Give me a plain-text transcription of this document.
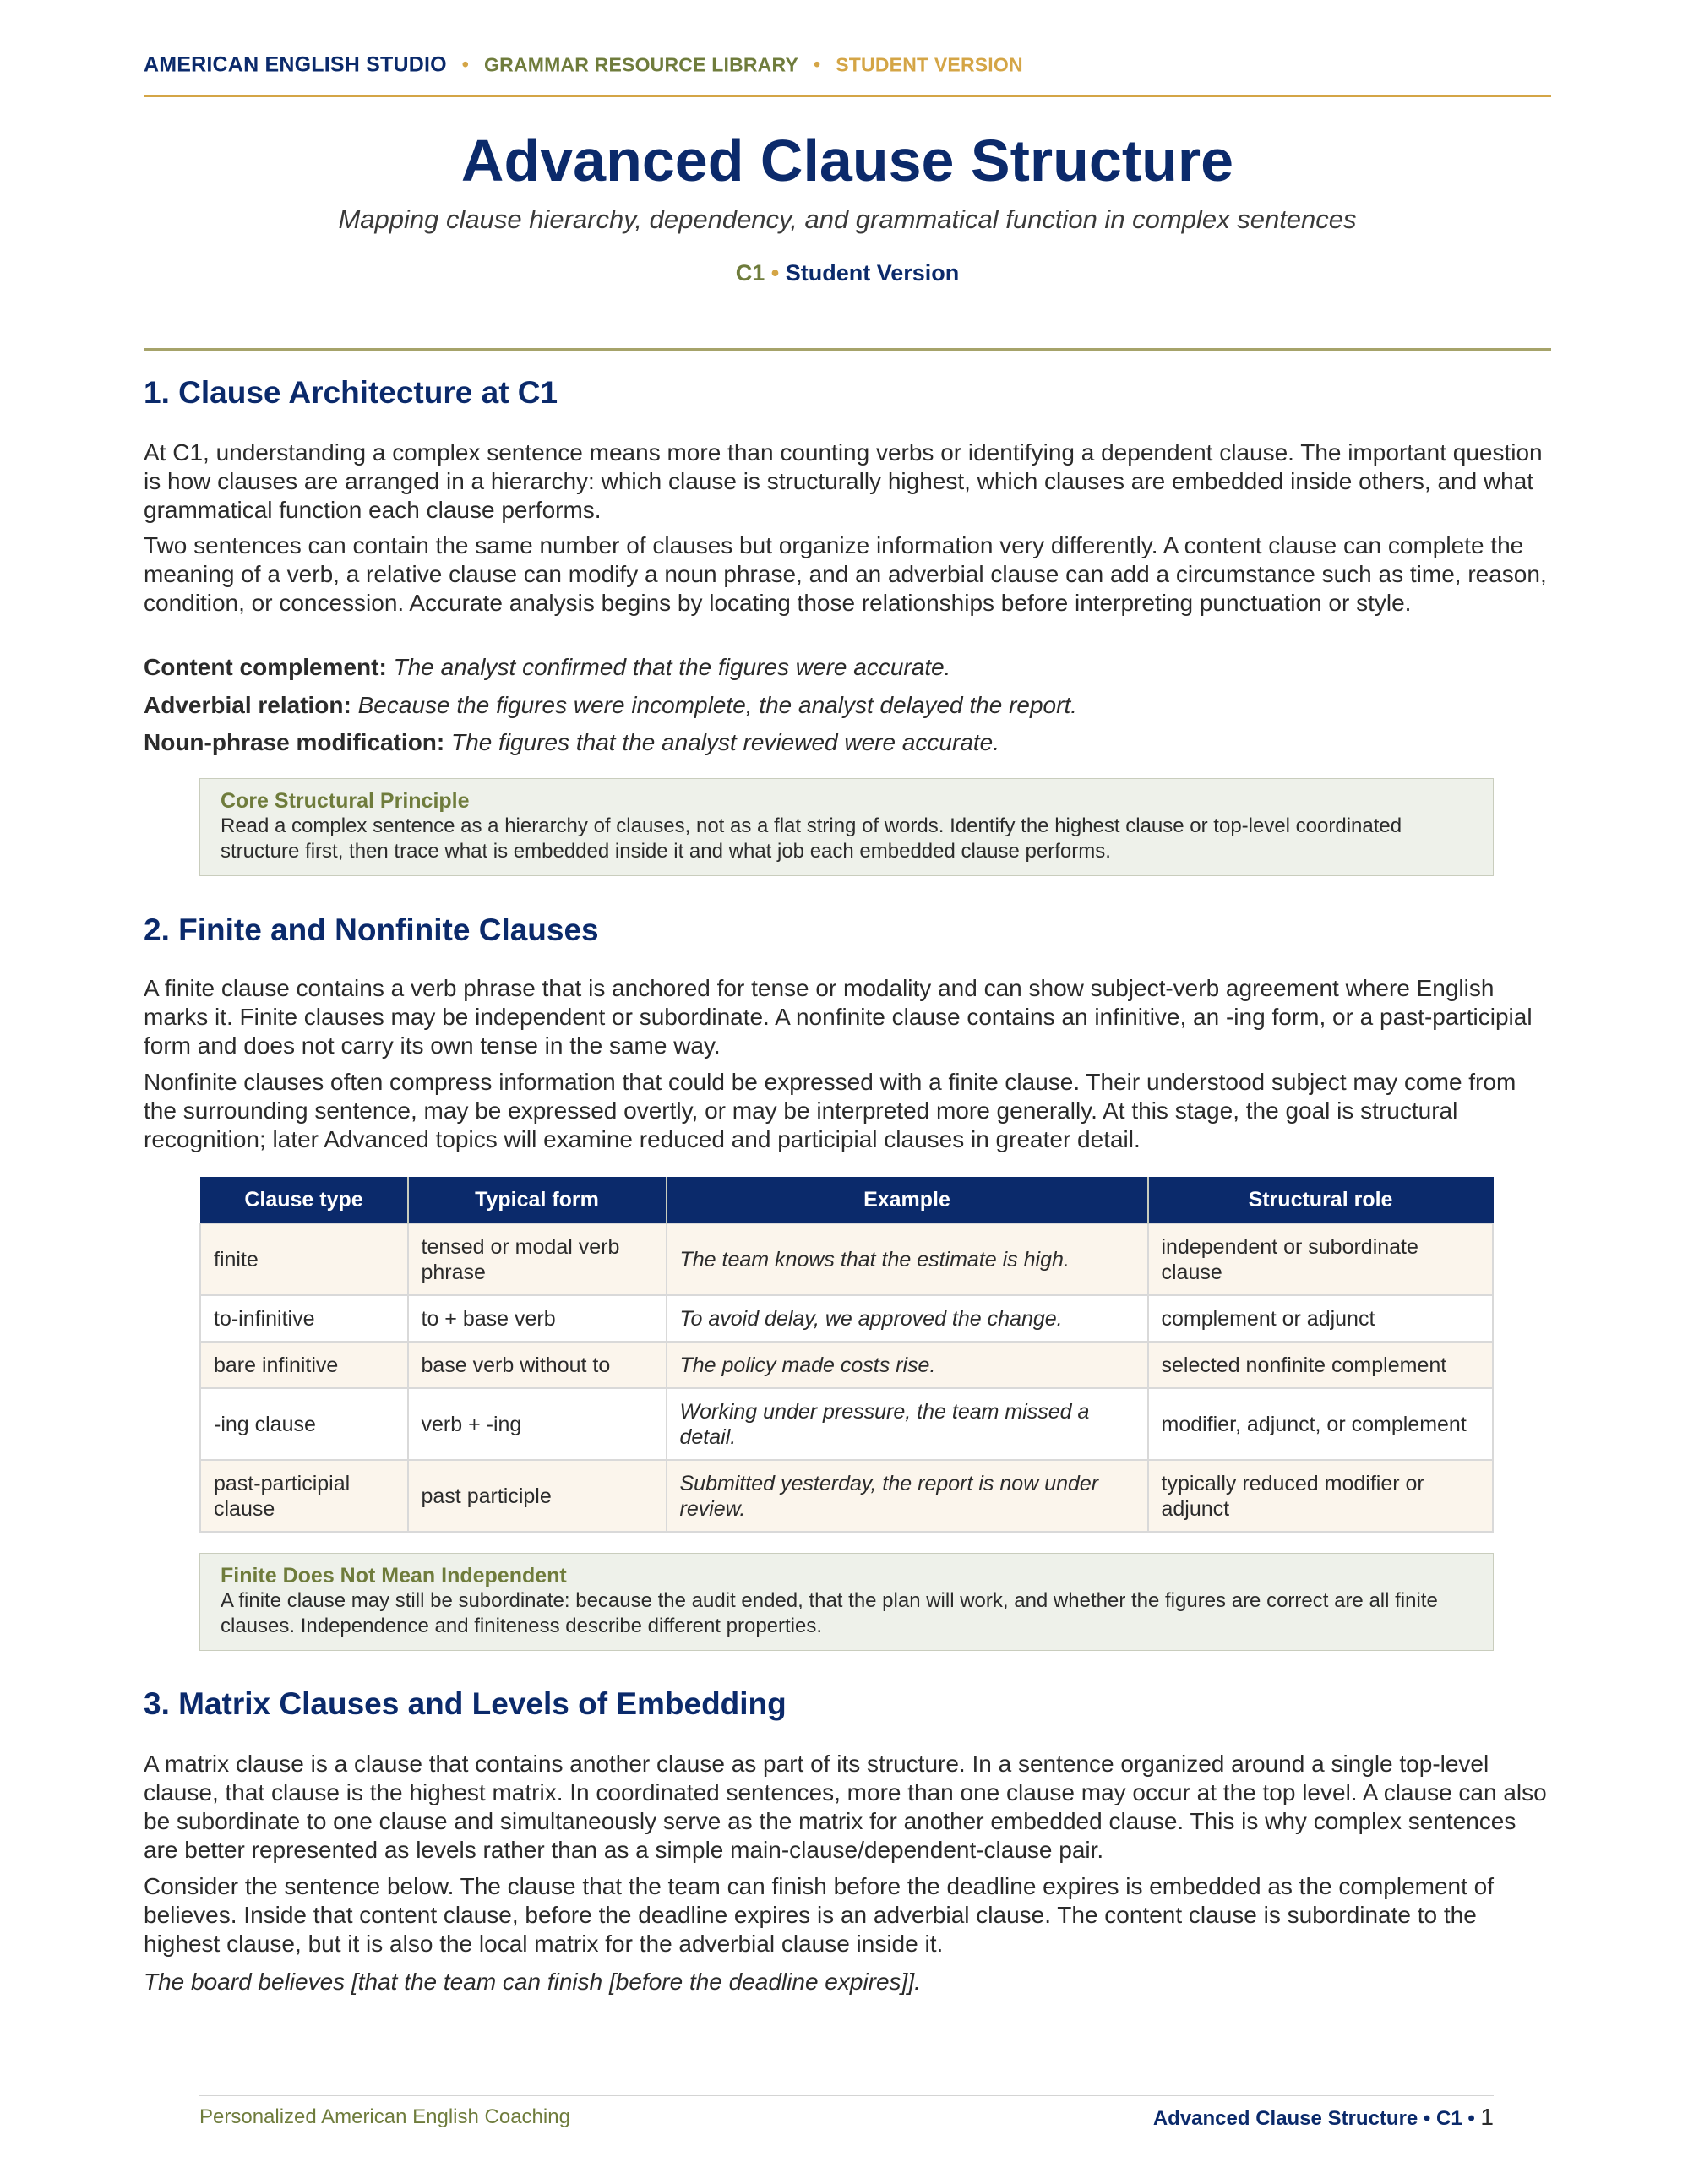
AMERICAN ENGLISH STUDIO • GRAMMAR RESOURCE LIBRARY • STUDENT VERSION
Advanced Clause Structure
Mapping clause hierarchy, dependency, and grammatical function in complex sentences
C1 • Student Version
1. Clause Architecture at C1

At C1, understanding a complex sentence means more than counting verbs or identifying a dependent clause. The important question is how clauses are arranged in a hierarchy: which clause is structurally highest, which clauses are embedded inside others, and what grammatical function each clause performs.

Two sentences can contain the same number of clauses but organize information very differently. A content clause can complete the meaning of a verb, a relative clause can modify a noun phrase, and an adverbial clause can add a circumstance such as time, reason, condition, or concession. Accurate analysis begins by locating those relationships before interpreting punctuation or style.

Content complement: The analyst confirmed that the figures were accurate.
Adverbial relation: Because the figures were incomplete, the analyst delayed the report.
Noun-phrase modification: The figures that the analyst reviewed were accurate.
Core Structural Principle
Read a complex sentence as a hierarchy of clauses, not as a flat string of words. Identify the highest clause or top-level coordinated structure first, then trace what is embedded inside it and what job each embedded clause performs.
2. Finite and Nonfinite Clauses

A finite clause contains a verb phrase that is anchored for tense or modality and can show subject-verb agreement where English marks it. Finite clauses may be independent or subordinate. A nonfinite clause contains an infinitive, an -ing form, or a past-participial form and does not carry its own tense in the same way.

Nonfinite clauses often compress information that could be expressed with a finite clause. Their understood subject may come from the surrounding sentence, may be expressed overtly, or may be interpreted more generally. At this stage, the goal is structural recognition; later Advanced topics will examine reduced and participial clauses in greater detail.

Clause type	Typical form	Example	Structural role
finite	tensed or modal verb phrase	The team knows that the estimate is high.	independent or subordinate clause
to-infinitive	to + base verb	To avoid delay, we approved the change.	complement or adjunct
bare infinitive	base verb without to	The policy made costs rise.	selected nonfinite complement
-ing clause	verb + -ing	Working under pressure, the team missed a detail.	modifier, adjunct, or complement
past-participial clause	past participle	Submitted yesterday, the report is now under review.	typically reduced modifier or adjunct
Finite Does Not Mean Independent
A finite clause may still be subordinate: because the audit ended, that the plan will work, and whether the figures are correct are all finite clauses. Independence and finiteness describe different properties.
3. Matrix Clauses and Levels of Embedding

A matrix clause is a clause that contains another clause as part of its structure. In a sentence organized around a single top-level clause, that clause is the highest matrix. In coordinated sentences, more than one clause may occur at the top level. A clause can also be subordinate to one clause and simultaneously serve as the matrix for another embedded clause. This is why complex sentences are better represented as levels rather than as a simple main-clause/dependent-clause pair.

Consider the sentence below. The clause that the team can finish before the deadline expires is embedded as the complement of believes. Inside that content clause, before the deadline expires is an adverbial clause. The content clause is subordinate to the highest clause, but it is also the local matrix for the adverbial clause inside it.

The board believes [that the team can finish [before the deadline expires]].
Personalized American English Coaching	Advanced Clause Structure • C1 • 1
